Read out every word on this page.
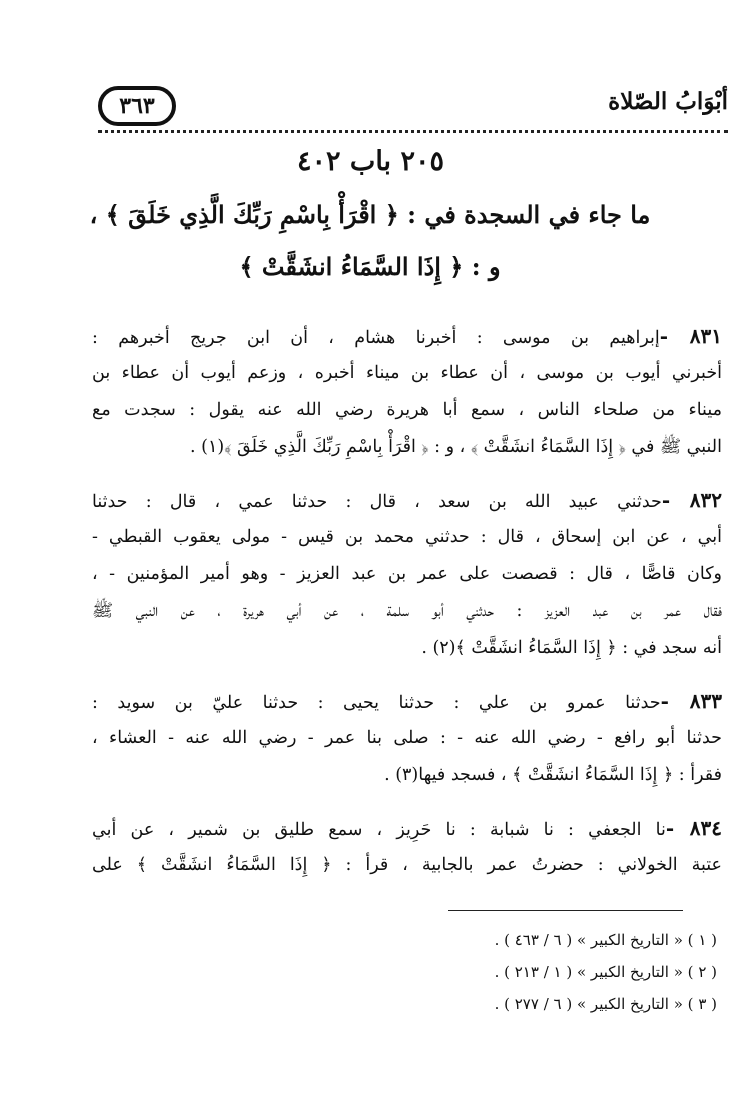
٣٦٣	أبْوَابُ الصّلاة
٢٠٥ باب ٤٠٢
ما جاء في السجدة في : ﴿ اقْرَأْ بِاسْمِ رَبِّكَ الَّذِي خَلَقَ ﴾ ،
و : ﴿ إِذَا السَّمَاءُ انشَقَّتْ ﴾
٨٣١ -إبراهيم بن موسى : أخبرنا هشام ، أن ابن جريج أخبرهم :
أخبرني أيوب بن موسى ، أن عطاء بن ميناء أخبره ، وزعم أيوب أن عطاء بن
ميناء من صلحاء الناس ، سمع أبا هريرة رضي الله عنه يقول : سجدت مع
النبي ﷺ في ﴿ إِذَا السَّمَاءُ انشَقَّتْ ﴾ ، و : ﴿ اقْرَأْ بِاسْمِ رَبِّكَ الَّذِي خَلَقَ ﴾(١) .
٨٣٢ -حدثني عبيد الله بن سعد ، قال : حدثنا عمي ، قال : حدثنا
أبي ، عن ابن إسحاق ، قال : حدثني محمد بن قيس - مولى يعقوب القبطي -
وكان قاصًّا ، قال : قصصت على عمر بن عبد العزيز - وهو أمير المؤمنين - ،
فقال عمر بن عبد العزيز : حدثني أبو سلمة ، عن أبي هريرة ، عن النبي ﷺ
أنه سجد في : ﴿ إِذَا السَّمَاءُ انشَقَّتْ ﴾(٢) .
٨٣٣ -حدثنا عمرو بن علي : حدثنا يحيى : حدثنا عليّ بن سويد :
حدثنا أبو رافع - رضي الله عنه - : صلى بنا عمر - رضي الله عنه - العشاء ،
فقرأ : ﴿ إِذَا السَّمَاءُ انشَقَّتْ ﴾ ، فسجد فيها(٣) .
٨٣٤ -نا الجعفي : نا شبابة : نا حَرِيز ، سمع طليق بن شمير ، عن أبي
عتبة الخولاني : حضرتُ عمر بالجابية ، قرأ : ﴿ إِذَا السَّمَاءُ انشَقَّتْ ﴾ على
( ١ ) « التاريخ الكبير » ( ٦ / ٤٦٣ ) .
( ٢ ) « التاريخ الكبير » ( ١ / ٢١٣ ) .
( ٣ ) « التاريخ الكبير » ( ٦ / ٢٧٧ ) .
